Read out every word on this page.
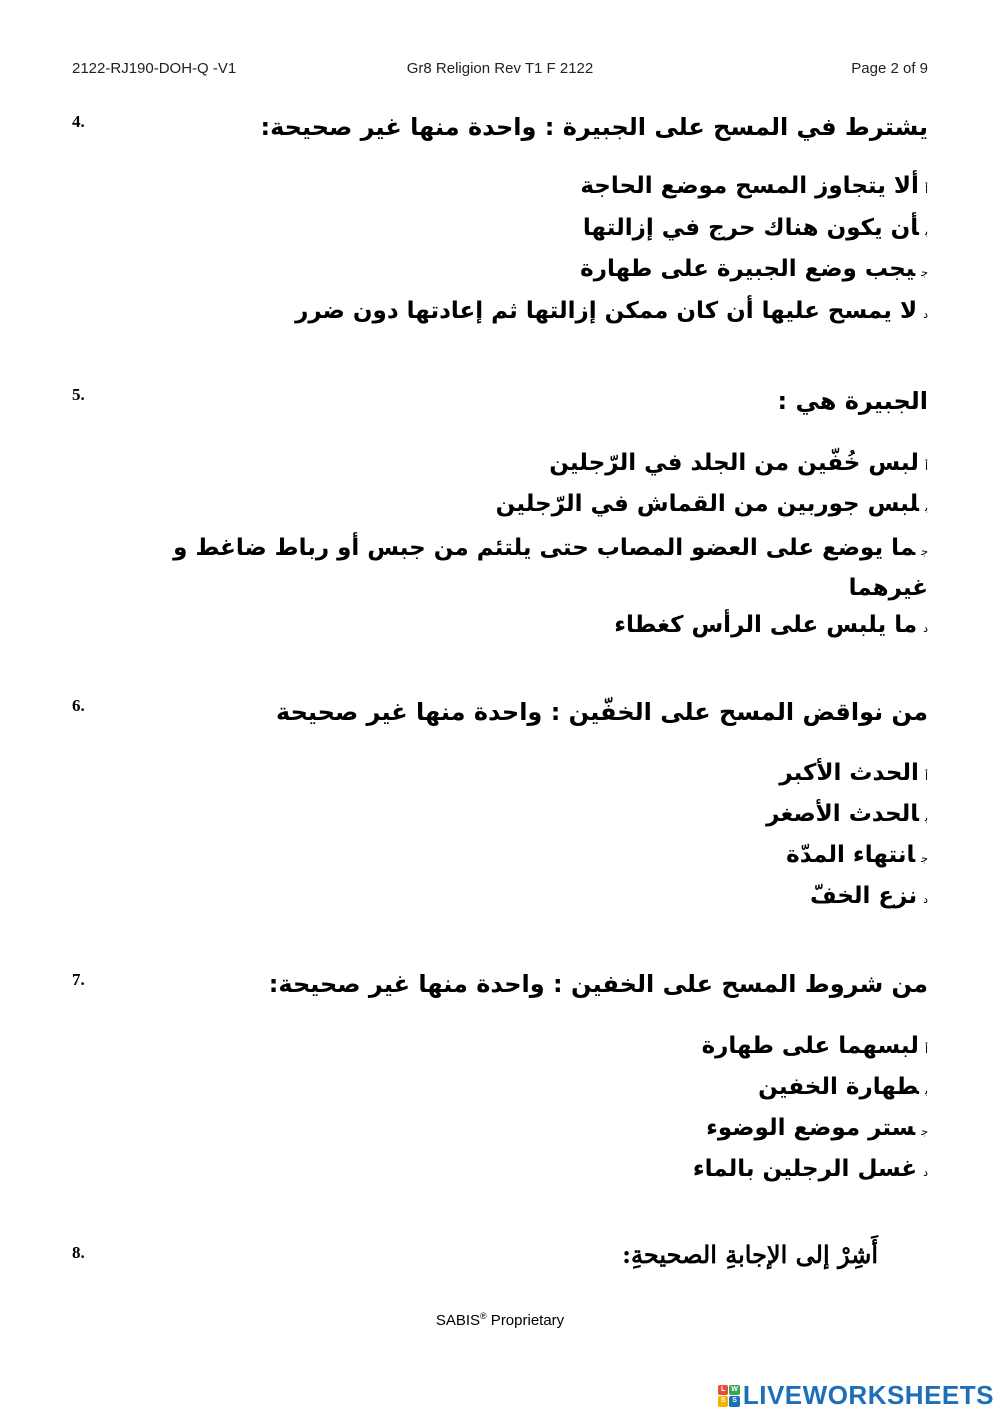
2122-RJ190-DOH-Q -V1	Gr8 Religion Rev T1 F 2122	Page 2 of 9
4.	يشترط في المسح على الجبيرة : واحدة منها غير صحيحة:
أألا يتجاوز المسح موضع الحاجة
بأن يكون هناك حرج في إزالتها
جيجب وضع الجبيرة على طهارة
دلا يمسح عليها أن كان ممكن إزالتها ثم إعادتها دون ضرر
5.	الجبيرة هي :
ألبس خُفّين من الجلد في الرّجلين
بلبس جوربين من القماش في الرّجلين
جما يوضع على العضو المصاب حتى يلتئم من جبس أو رباط ضاغط و غيرهما
دما يلبس على الرأس كغطاء
6.	من نواقض المسح على الخفّين : واحدة منها غير صحيحة
أالحدث الأكبر
بالحدث الأصغر
جانتهاء المدّة
دنزع الخفّ
7.	من شروط المسح على الخفين : واحدة منها غير صحيحة:
ألبسهما على طهارة
بطهارة الخفين
جستر موضع الوضوء
دغسل الرجلين بالماء
8.	أَشِرْ إلى الإجابةِ الصحيحةِ:
SABIS® Proprietary
L W
S S LIVEWORKSHEETS
